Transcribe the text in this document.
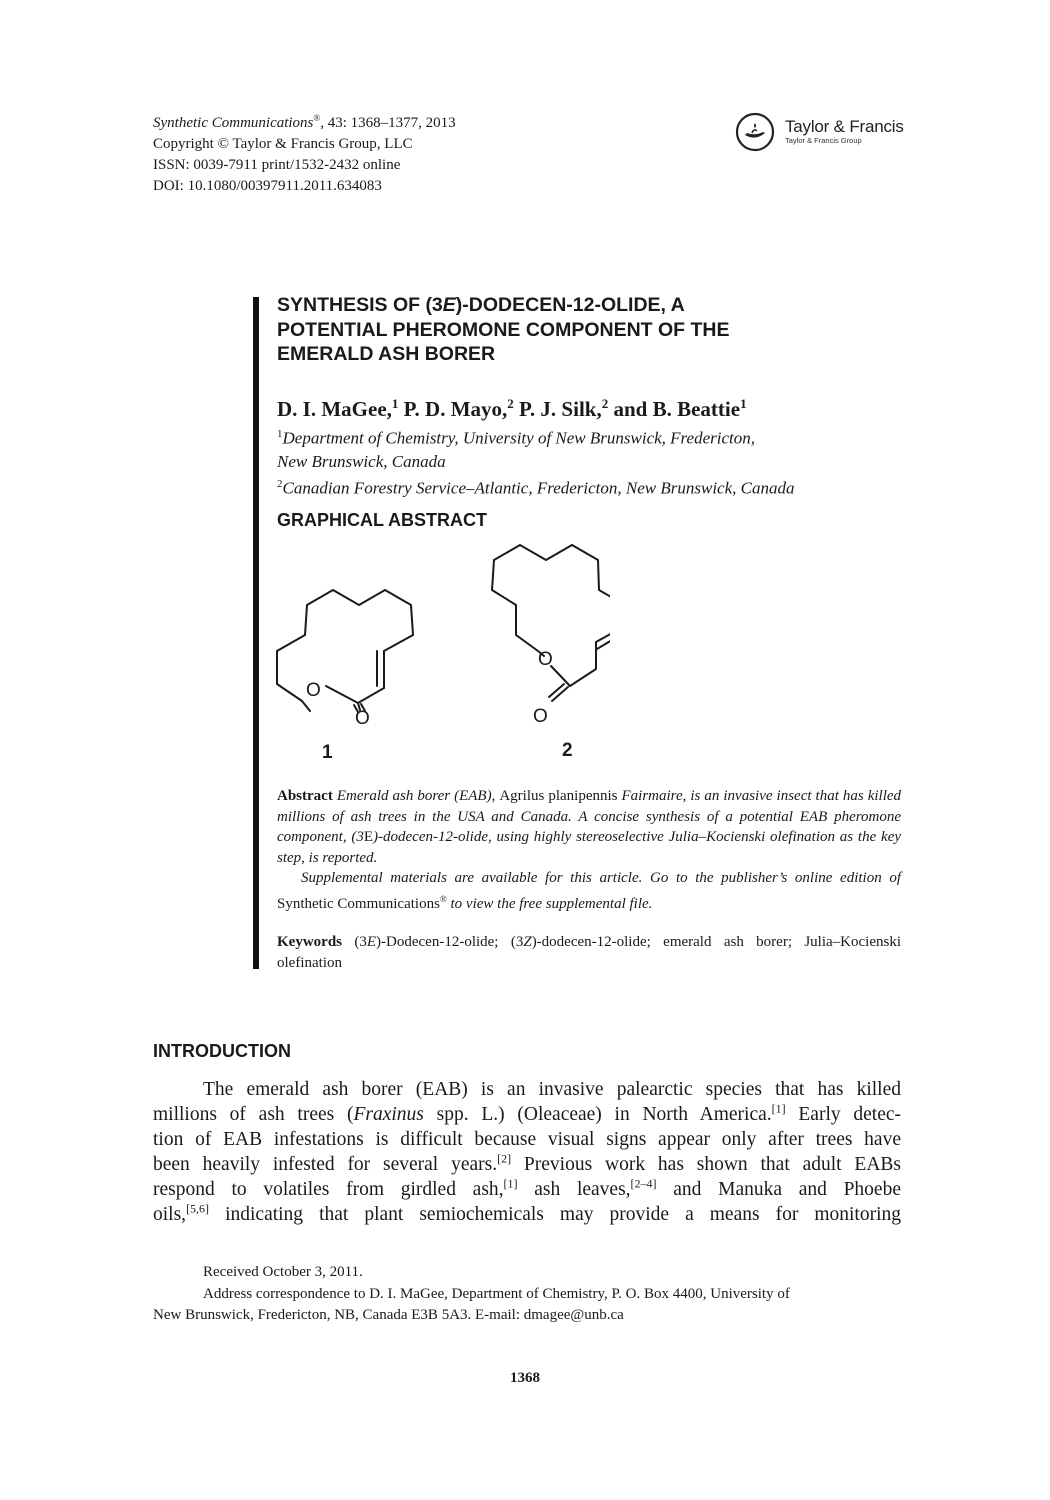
Synthetic Communications®, 43: 1368–1377, 2013
Copyright © Taylor & Francis Group, LLC
ISSN: 0039-7911 print/1532-2432 online
DOI: 10.1080/00397911.2011.634083
Taylor & Francis
Taylor & Francis Group
SYNTHESIS OF (3E)-DODECEN-12-OLIDE, A
POTENTIAL PHEROMONE COMPONENT OF THE
EMERALD ASH BORER
D. I. MaGee,$^1$ P. D. Mayo,$^2$ P. J. Silk,$^2$ and B. Beattie$^1$
$^1$Department of Chemistry, University of New Brunswick, Fredericton,
New Brunswick, Canada
$^2$Canadian Forestry Service–Atlantic, Fredericton, New Brunswick, Canada
GRAPHICAL ABSTRACT
O
O
O
O
1	2

Abstract Emerald ash borer (EAB), Agrilus planipennis Fairmaire, is an invasive insect that has killed millions of ash trees in the USA and Canada. A concise synthesis of a potential EAB pheromone component, (3E)-dodecen-12-olide, using highly stereoselective Julia–Kocienski olefination as the key step, is reported.

Supplemental materials are available for this article. Go to the publisher’s online edition of Synthetic Communications® to view the free supplemental file.

Keywords (3E)-Dodecen-12-olide; (3Z)-dodecen-12-olide; emerald ash borer; Julia–Kocienski olefination
INTRODUCTION
The emerald ash borer (EAB) is an invasive palearctic species that has killed
millions of ash trees (Fraxinus spp. L.) (Oleaceae) in North America.[1] Early detec-
tion of EAB infestations is difficult because visual signs appear only after trees have
been heavily infested for several years.[2] Previous work has shown that adult EABs
respond to volatiles from girdled ash,[1] ash leaves,[2–4] and Manuka and Phoebe
oils,[5,6] indicating that plant semiochemicals may provide a means for monitoring
Received October 3, 2011.
Address correspondence to D. I. MaGee, Department of Chemistry, P. O. Box 4400, University of
New Brunswick, Fredericton, NB, Canada E3B 5A3. E-mail: dmagee@unb.ca
1368
